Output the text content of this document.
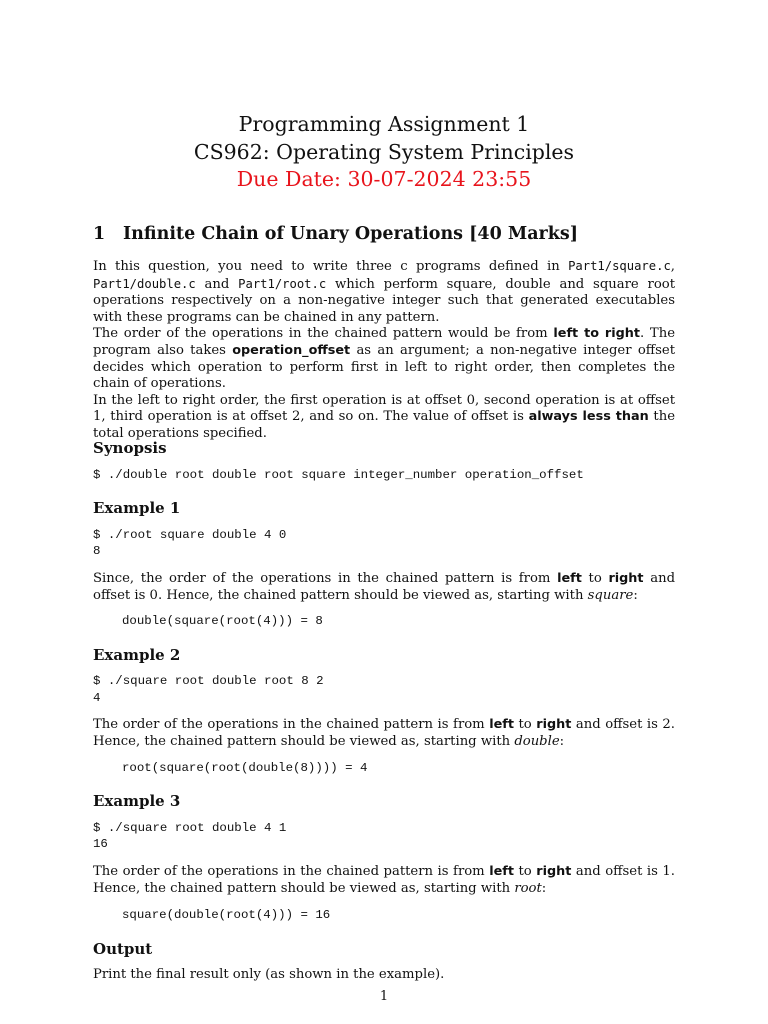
Programming Assignment 1
CS962: Operating System Principles
Due Date: 30-07-2024 23:55
1 Infinite Chain of Unary Operations [40 Marks]

In this question, you need to write three c programs defined in Part1/square.c, Part1/double.c and Part1/root.c which perform square, double and square root operations respectively on a non-negative integer such that generated executables with these programs can be chained in any pattern.

The order of the operations in the chained pattern would be from left to right. The program also takes operation_offset as an argument; a non-negative integer offset decides which operation to perform first in left to right order, then completes the chain of operations.

In the left to right order, the first operation is at offset 0, second operation is at offset 1, third operation is at offset 2, and so on. The value of offset is always less than the total operations specified.

Synopsis
$ ./double root double root square integer_number operation_offset
Example 1
$ ./root square double 4 0
8

Since, the order of the operations in the chained pattern is from left to right and offset is 0. Hence, the chained pattern should be viewed as, starting with square:

double(square(root(4))) = 8
Example 2
$ ./square root double root 8 2
4

The order of the operations in the chained pattern is from left to right and offset is 2. Hence, the chained pattern should be viewed as, starting with double:

root(square(root(double(8)))) = 4
Example 3
$ ./square root double 4 1
16

The order of the operations in the chained pattern is from left to right and offset is 1. Hence, the chained pattern should be viewed as, starting with root:

square(double(root(4))) = 16
Output
Print the final result only (as shown in the example).
1
